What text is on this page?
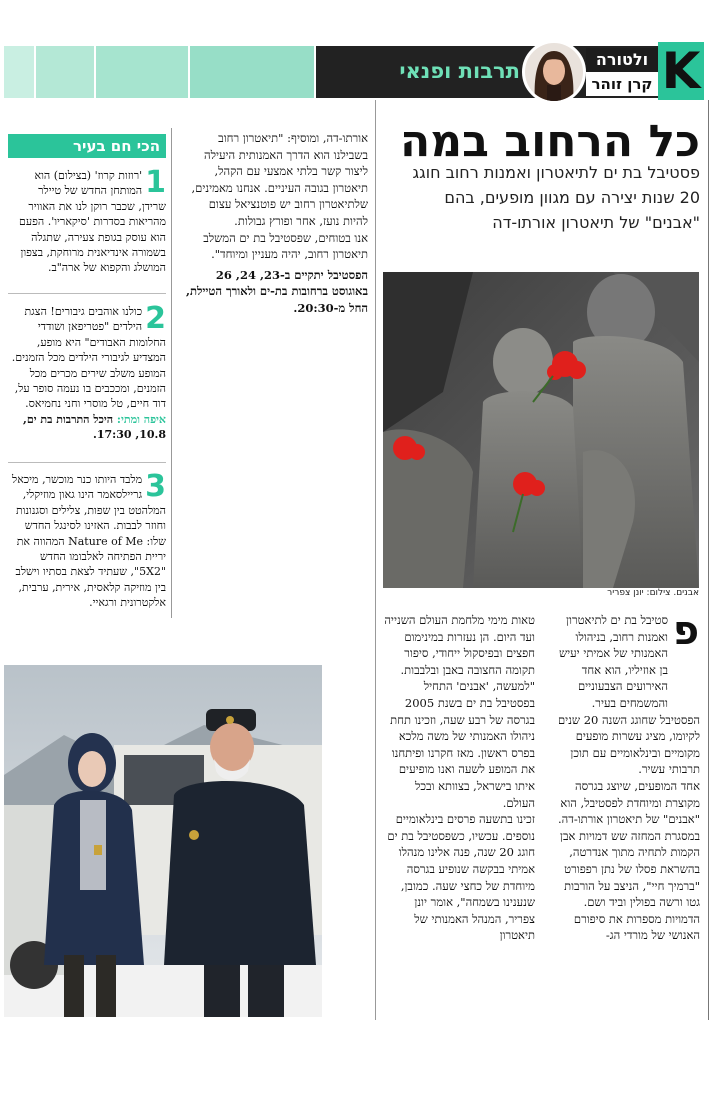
תרבות ופנאי	ולטורה
קרן זוהר K
כל הרחוב במה
פסטיבל בת ים לתיאטרון ואמנות רחוב חוגג 20 שנות יצירה עם מגוון מופעים, בהם "אבנים" של תיאטרון אורתו-דה
אבנים. צילום: יונן צפריר
פ

סטיבל בת ים לתיאטרון ואמנות רחוב, בניהולו האמנותי של אמיתי יעיש בן אוזיליו, הוא אחד האירועים הצבעוניים והמשמחים בעיר.

הפסטיבל שחוגג השנה 20 שנים לקיומו, מציג עשרות מופעים מקומיים ובינלאומיים עם תוכן תרבותי עשיר.

אחד המופעים, שיוצג בגרסה מקוצרת ומיוחדת לפסטיבל, הוא "אבנים" של תיאטרון אורתו-דה.

במסגרת המחזה שש דמויות אבן הקמות לתחיה מתוך אנדרטה, בהשראת פסלו של נתן רפפורט "ברמיך חיי", הניצב על הורבות גטו ורשה בפולין וביד ושם. הדמויות מספרות את סיפורם האנושי של מורדי הג-

טאות מימי מלחמת העולם השנייה ועד היום. הן נעזרות במינימום חפצים ובפיסקול ייחודי, סיפור תקומה החצובה באבן ובלבבות.

"למעשה, 'אבנים' התחיל בפסטיבל בת ים בשנת 2005 בגרסה של רבע שעה, וזכינו תחת ניהולו האמנותי של משה מלכא בפרס ראשון. מאז חקרנו ופיתחנו את המופע לשעה ואנו מופיעים איתו בישראל, בצוותא ובכל העולם.

זכינו בתשעה פרסים בינלאומיים נוספים. עכשיו, כשפסטיבל בת ים חוגג 20 שנה, פנה אלינו מנהלו אמיתי בבקשה שנופיע בגרסה מיוחדת של כחצי שעה. כמובן, שנענינו בשמחה", אומר יונן צפריר, המנהל האמנותי של תיאטרון

אורתו-דה, ומוסיף: "תיאטרון רחוב בשבילנו הוא הדרך האמנותית היעילה ליצור קשר בלתי אמצעי עם הקהל, תיאטרון בגובה העיניים. אנחנו מאמינים, שלתיאטרון רחוב יש פוטנציאל עצום להיות נועז, אחר ופורץ גבולות.

אנו בטוחים, שפסטיבל בת ים המשלב תיאטרון רחוב, יהיה מעניין ומיוחד".

הפסטיבל יתקיים ב-23, 24, 26 באוגוסט ברחובות בת-ים ולאורך הטיילת, החל מ-20:30.

הכי חם בעיר
1
'רוזות קרוז' (בצילום) הוא המותחן החדש של טיילר שרידן, שכבר רוקן לנו את האוויר מהריאות בסדרות 'סיקאריו'. הפעם הוא עוסק בגופת צעירה, שתגלה בשמורה אינדיאנית מרוחקת, בצפון המושלג והקפוא של ארה"ב.
2
כולנו אוהבים גיבורים! הצגת הילדים "פטריפאן ושודדי החלומות האבודים" היא מופע, המצדיע לגיבורי הילדים מכל הזמנים. המופע משלב שירים מכרים מכל הזמנים, ומככבים בו נעמה סופר על, דוד חיים, טל מוסרי וחני נחמיאס.
איפה ומתי: היכל התרבות בת ים, 10.8, 17:30.
3
מלבד היותו כנר מוכשר, מיכאל גריילסאמר הינו גאון מוזיקלי, המלהטט בין שפות, צלילים וסגנונות וחוזר לבבות. האזינו לסינגל החדש שלו: Nature of Me המהווה את יריית הפתיחה לאלבומו החדש "5X2", שעתיד לצאת בסתיו וישלב בין מוזיקה קלאסית, אירית, ערבית, אלקטרונית ורגאיי.
